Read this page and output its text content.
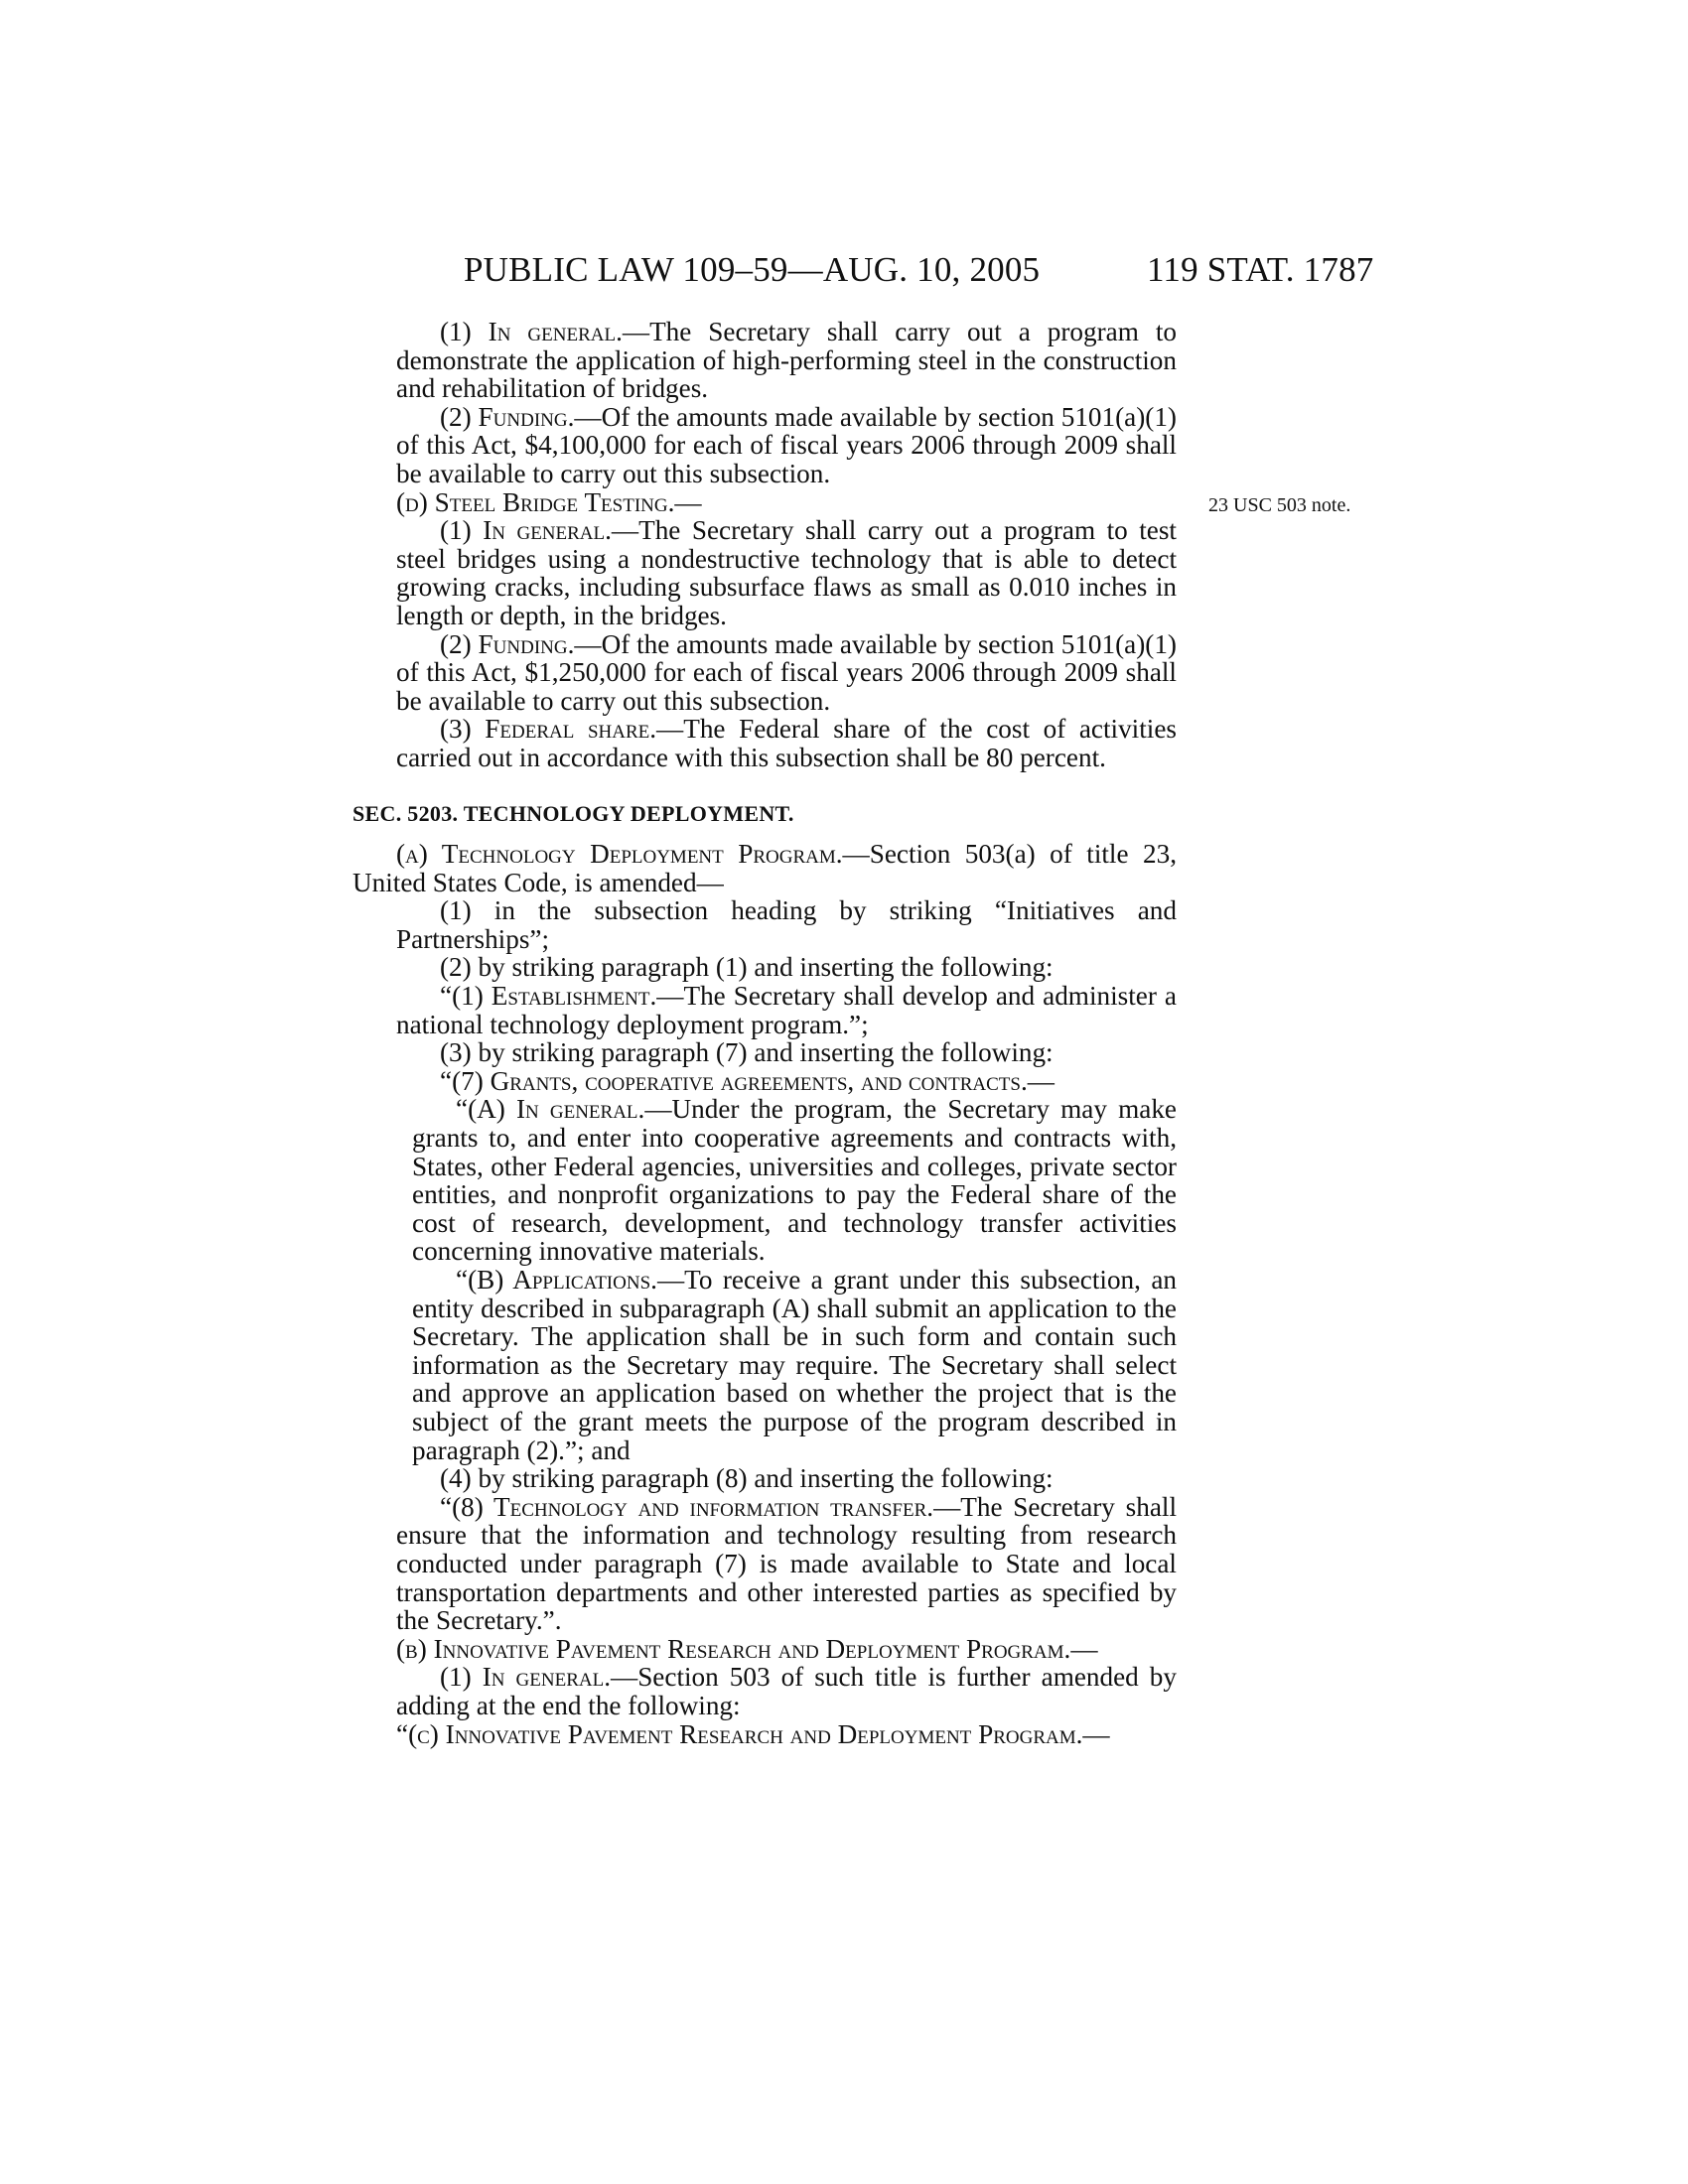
PUBLIC LAW 109–59—AUG. 10, 2005	119 STAT. 1787
23 USC 503 note.

(1) In general.—The Secretary shall carry out a program to demonstrate the application of high-performing steel in the construction and rehabilitation of bridges.

(2) Funding.—Of the amounts made available by section 5101(a)(1) of this Act, $4,100,000 for each of fiscal years 2006 through 2009 shall be available to carry out this subsection.

(d) Steel Bridge Testing.—

(1) In general.—The Secretary shall carry out a program to test steel bridges using a nondestructive technology that is able to detect growing cracks, including subsurface flaws as small as 0.010 inches in length or depth, in the bridges.

(2) Funding.—Of the amounts made available by section 5101(a)(1) of this Act, $1,250,000 for each of fiscal years 2006 through 2009 shall be available to carry out this subsection.

(3) Federal share.—The Federal share of the cost of activities carried out in accordance with this subsection shall be 80 percent.

SEC. 5203. TECHNOLOGY DEPLOYMENT.

(a) Technology Deployment Program.—Section 503(a) of title 23, United States Code, is amended—

(1) in the subsection heading by striking “Initiatives and Partnerships”;

(2) by striking paragraph (1) and inserting the following:

“(1) Establishment.—The Secretary shall develop and administer a national technology deployment program.”;

(3) by striking paragraph (7) and inserting the following:

“(7) Grants, cooperative agreements, and contracts.—

“(A) In general.—Under the program, the Secretary may make grants to, and enter into cooperative agreements and contracts with, States, other Federal agencies, universities and colleges, private sector entities, and nonprofit organizations to pay the Federal share of the cost of research, development, and technology transfer activities concerning innovative materials.

“(B) Applications.—To receive a grant under this subsection, an entity described in subparagraph (A) shall submit an application to the Secretary. The application shall be in such form and contain such information as the Secretary may require. The Secretary shall select and approve an application based on whether the project that is the subject of the grant meets the purpose of the program described in paragraph (2).”; and

(4) by striking paragraph (8) and inserting the following:

“(8) Technology and information transfer.—The Secretary shall ensure that the information and technology resulting from research conducted under paragraph (7) is made available to State and local transportation departments and other interested parties as specified by the Secretary.”.

(b) Innovative Pavement Research and Deployment Program.—

(1) In general.—Section 503 of such title is further amended by adding at the end the following:

“(c) Innovative Pavement Research and Deployment Program.—
